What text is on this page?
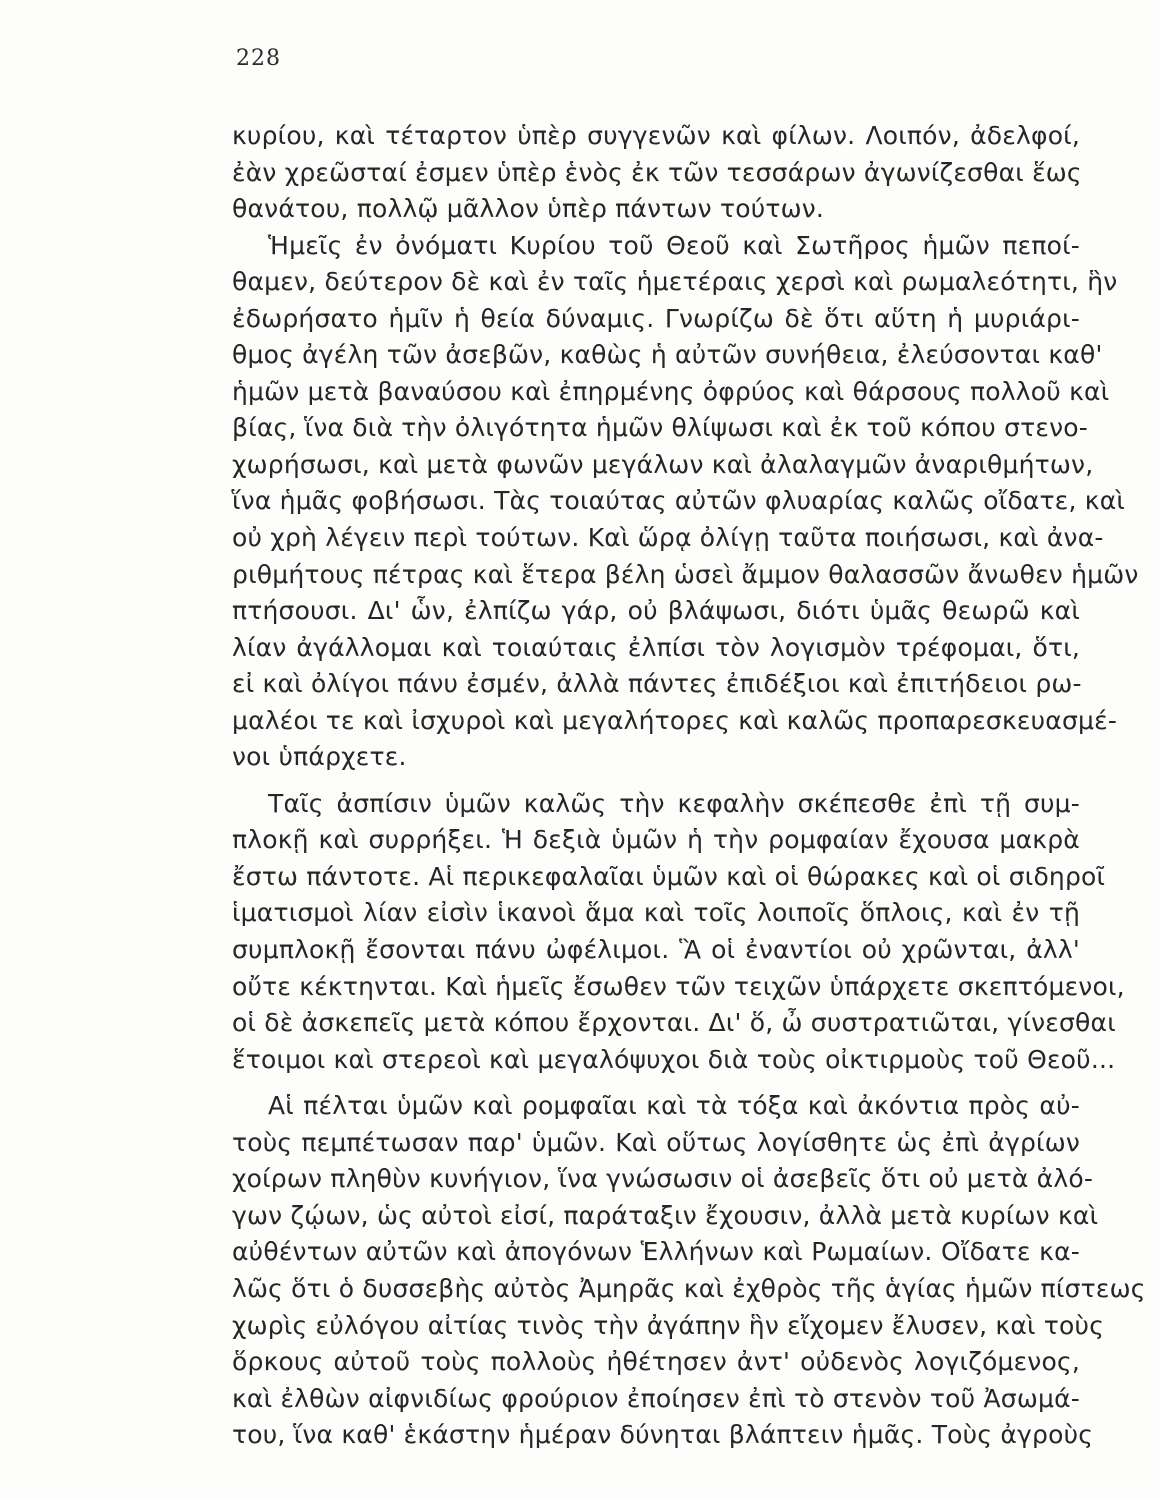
228
κυρίου, καὶ τέταρτον ὑπὲρ συγγενῶν καὶ φίλων. Λοιπόν, ἀδελφοί,
ἐὰν χρεῶσταί ἐσμεν ὑπὲρ ἑνὸς ἐκ τῶν τεσσάρων ἀγωνίζεσθαι ἕως
θανάτου, πολλῷ μᾶλλον ὑπὲρ πάντων τούτων.
Ἡμεῖς ἐν ὀνόματι Κυρίου τοῦ Θεοῦ καὶ Σωτῆρος ἡμῶν πεποί-
θαμεν, δεύτερον δὲ καὶ ἐν ταῖς ἡμετέραις χερσὶ καὶ ρωμαλεότητι, ἣν
ἐδωρήσατο ἡμῖν ἡ θεία δύναμις. Γνωρίζω δὲ ὅτι αὕτη ἡ μυριάρι-
θμος ἀγέλη τῶν ἀσεβῶν, καθὼς ἡ αὐτῶν συνήθεια, ἐλεύσονται καθ'
ἡμῶν μετὰ βαναύσου καὶ ἐπηρμένης ὀφρύος καὶ θάρσους πολλοῦ καὶ
βίας, ἵνα διὰ τὴν ὀλιγότητα ἡμῶν θλίψωσι καὶ ἐκ τοῦ κόπου στενο-
χωρήσωσι, καὶ μετὰ φωνῶν μεγάλων καὶ ἀλαλαγμῶν ἀναριθμήτων,
ἵνα ἡμᾶς φοβήσωσι. Τὰς τοιαύτας αὐτῶν φλυαρίας καλῶς οἴδατε, καὶ
οὐ χρὴ λέγειν περὶ τούτων. Καὶ ὥρᾳ ὀλίγῃ ταῦτα ποιήσωσι, καὶ ἀνα-
ριθμήτους πέτρας καὶ ἕτερα βέλη ὡσεὶ ἄμμον θαλασσῶν ἄνωθεν ἡμῶν
πτήσουσι. Δι' ὧν, ἐλπίζω γάρ, οὐ βλάψωσι, διότι ὑμᾶς θεωρῶ καὶ
λίαν ἀγάλλομαι καὶ τοιαύταις ἐλπίσι τὸν λογισμὸν τρέφομαι, ὅτι,
εἰ καὶ ὀλίγοι πάνυ ἐσμέν, ἀλλὰ πάντες ἐπιδέξιοι καὶ ἐπιτήδειοι ρω-
μαλέοι τε καὶ ἰσχυροὶ καὶ μεγαλήτορες καὶ καλῶς προπαρεσκευασμέ-
νοι ὑπάρχετε.
Ταῖς ἀσπίσιν ὑμῶν καλῶς τὴν κεφαλὴν σκέπεσθε ἐπὶ τῇ συμ-
πλοκῇ καὶ συρρήξει. Ἡ δεξιὰ ὑμῶν ἡ τὴν ρομφαίαν ἔχουσα μακρὰ
ἔστω πάντοτε. Αἱ περικεφαλαῖαι ὑμῶν καὶ οἱ θώρακες καὶ οἱ σιδηροῖ
ἱματισμοὶ λίαν εἰσὶν ἱκανοὶ ἅμα καὶ τοῖς λοιποῖς ὅπλοις, καὶ ἐν τῇ
συμπλοκῇ ἔσονται πάνυ ὠφέλιμοι. Ἃ οἱ ἐναντίοι οὐ χρῶνται, ἀλλ'
οὔτε κέκτηνται. Καὶ ἡμεῖς ἔσωθεν τῶν τειχῶν ὑπάρχετε σκεπτόμενοι,
οἱ δὲ ἀσκεπεῖς μετὰ κόπου ἔρχονται. Δι' ὅ, ὦ συστρατιῶται, γίνεσθαι
ἕτοιμοι καὶ στερεοὶ καὶ μεγαλόψυχοι διὰ τοὺς οἰκτιρμοὺς τοῦ Θεοῦ...
Αἱ πέλται ὑμῶν καὶ ρομφαῖαι καὶ τὰ τόξα καὶ ἀκόντια πρὸς αὐ-
τοὺς πεμπέτωσαν παρ' ὑμῶν. Καὶ οὕτως λογίσθητε ὡς ἐπὶ ἀγρίων
χοίρων πληθὺν κυνήγιον, ἵνα γνώσωσιν οἱ ἀσεβεῖς ὅτι οὐ μετὰ ἀλό-
γων ζῴων, ὡς αὐτοὶ εἰσί, παράταξιν ἔχουσιν, ἀλλὰ μετὰ κυρίων καὶ
αὐθέντων αὐτῶν καὶ ἀπογόνων Ἑλλήνων καὶ Ρωμαίων. Οἴδατε κα-
λῶς ὅτι ὁ δυσσεβὴς αὐτὸς Ἀμηρᾶς καὶ ἐχθρὸς τῆς ἁγίας ἡμῶν πίστεως
χωρὶς εὐλόγου αἰτίας τινὸς τὴν ἀγάπην ἣν εἴχομεν ἔλυσεν, καὶ τοὺς
ὅρκους αὐτοῦ τοὺς πολλοὺς ἠθέτησεν ἀντ' οὐδενὸς λογιζόμενος,
καὶ ἐλθὼν αἰφνιδίως φρούριον ἐποίησεν ἐπὶ τὸ στενὸν τοῦ Ἀσωμά-
του, ἵνα καθ' ἑκάστην ἡμέραν δύνηται βλάπτειν ἡμᾶς. Τοὺς ἀγροὺς
